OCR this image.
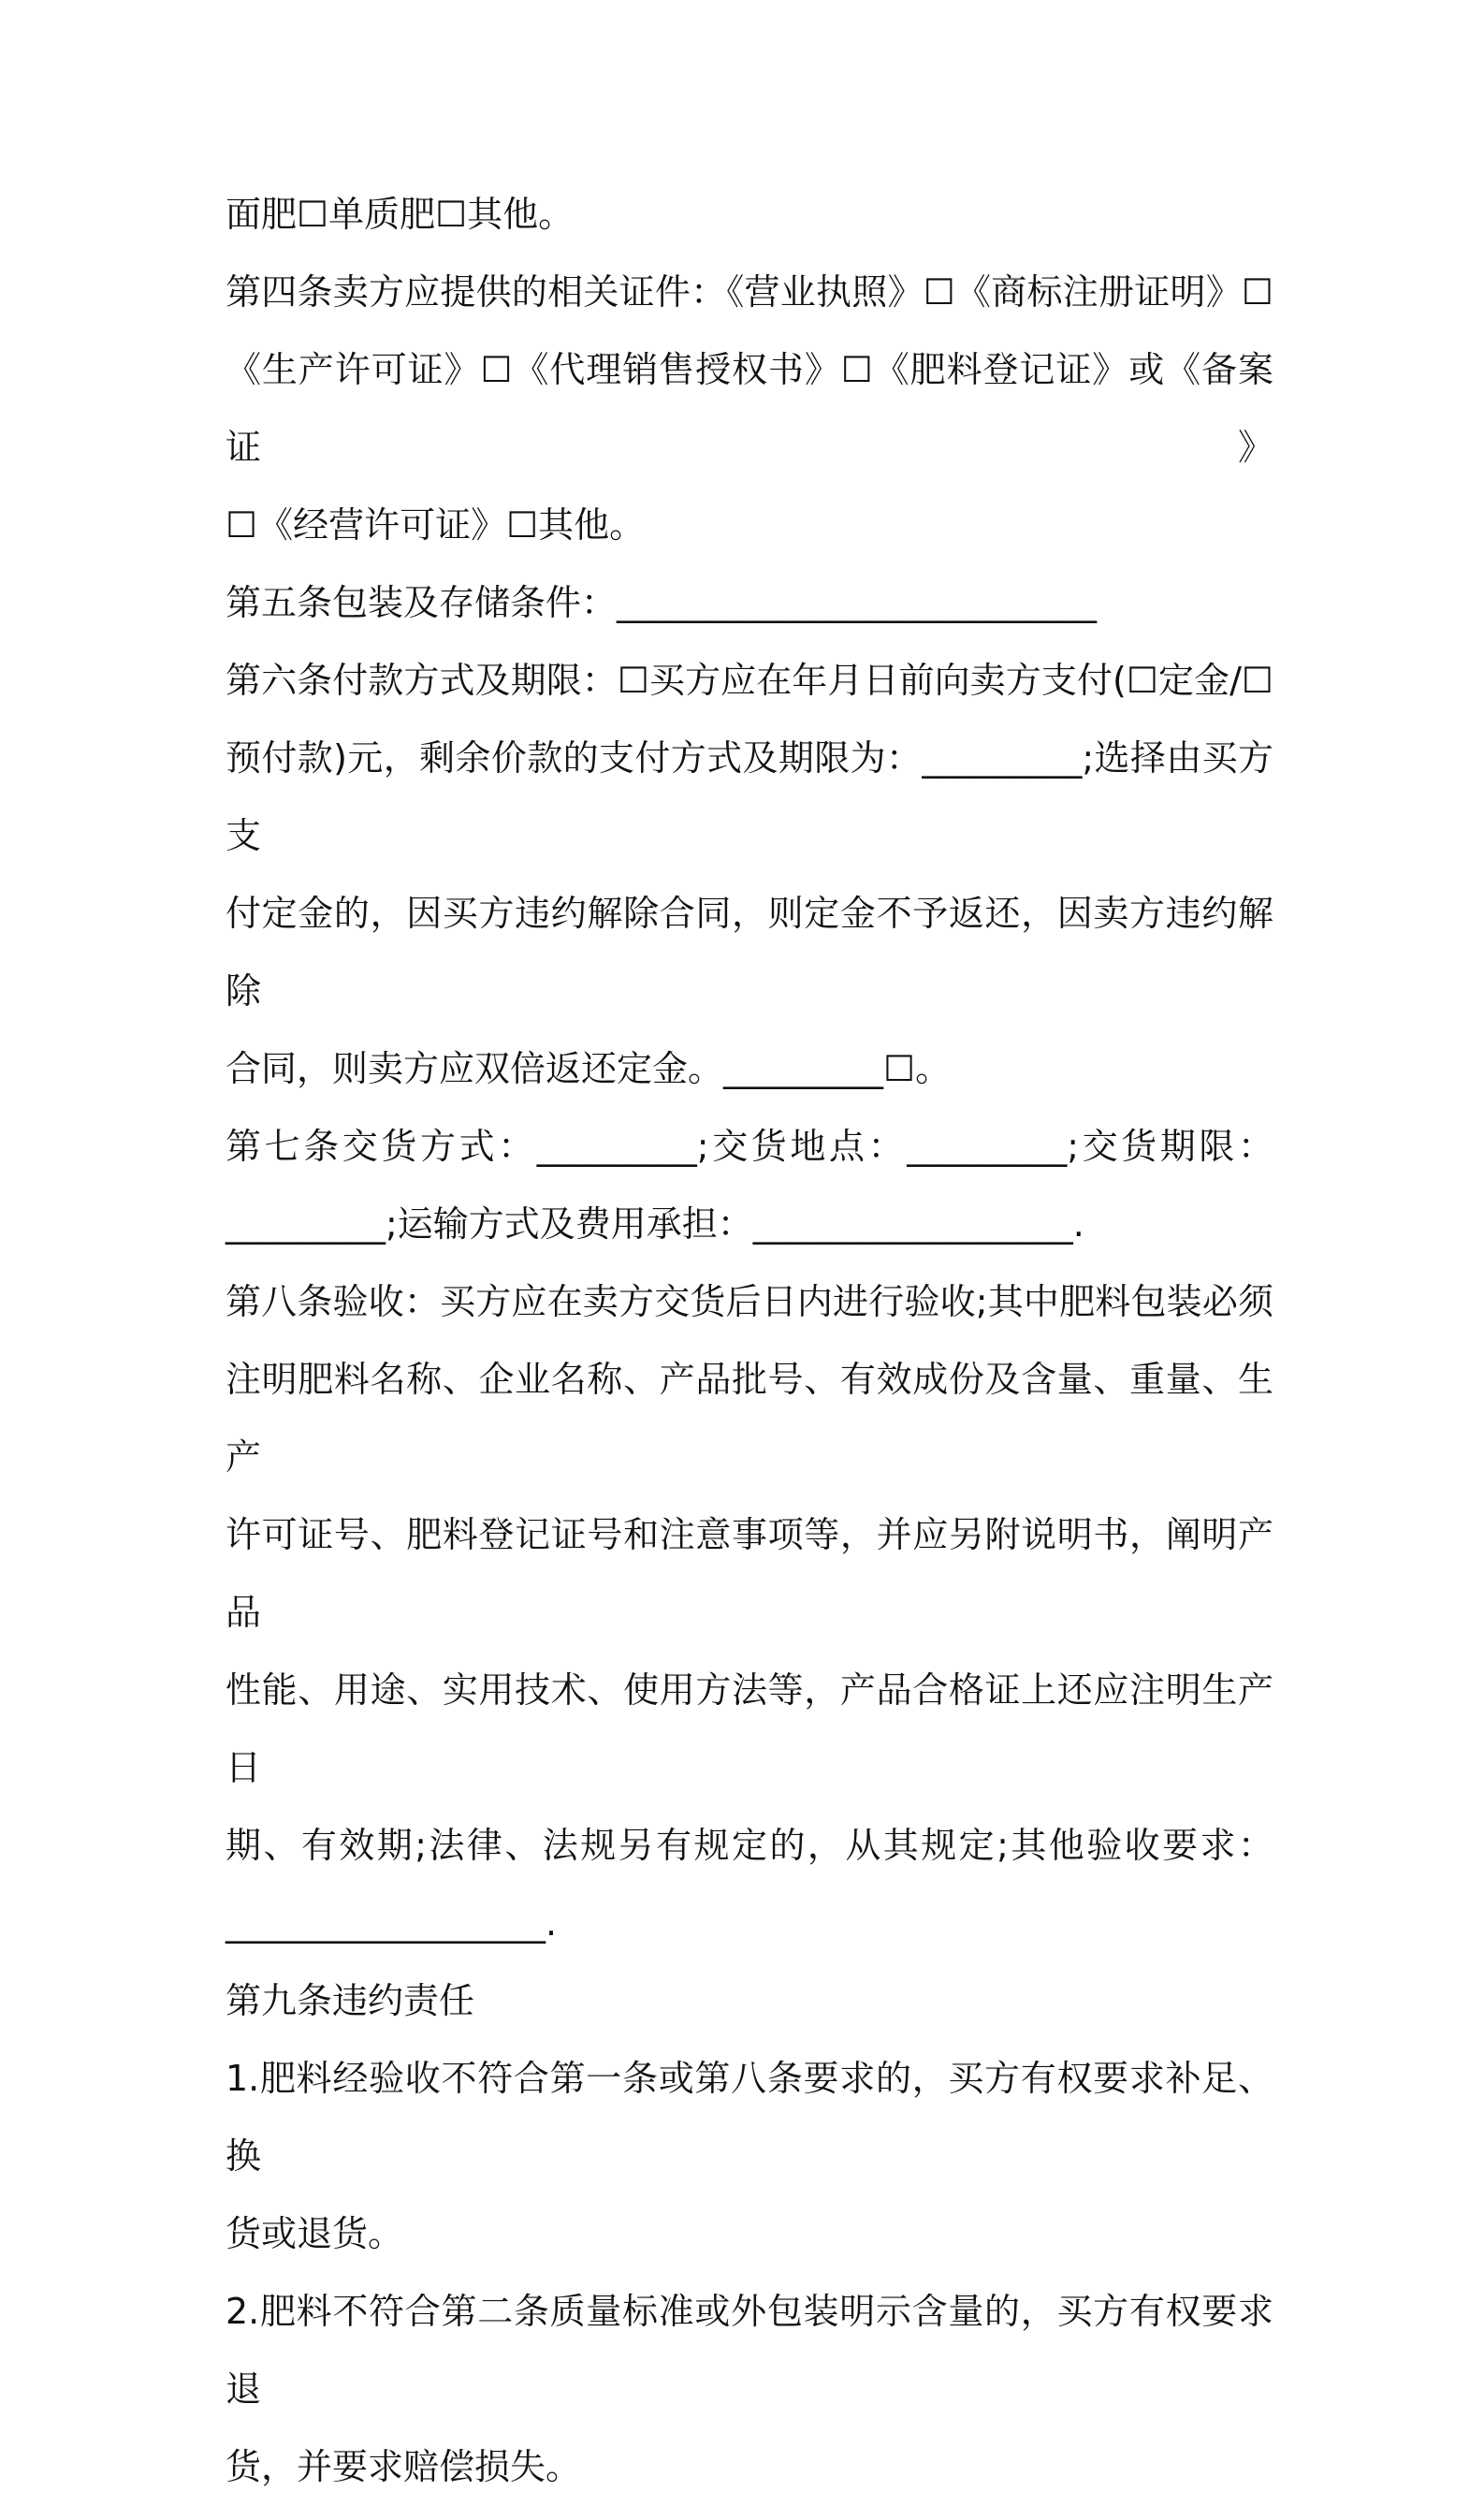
面肥☐单质肥☐其他。
第四条卖方应提供的相关证件：《营业执照》☐《商标注册证明》☐
《生产许可证》☐《代理销售授权书》☐《肥料登记证》或《备案证》
☐《经营许可证》☐其他。
第五条包装及存储条件：___________________________
第六条付款方式及期限：☐买方应在年月日前向卖方支付(☐定金/☐
预付款)元，剩余价款的支付方式及期限为：_________;选择由买方支
付定金的，因买方违约解除合同，则定金不予返还，因卖方违约解除
合同，则卖方应双倍返还定金。_________☐。
第七条交货方式：_________;交货地点：_________;交货期限：
_________;运输方式及费用承担：__________________.
第八条验收：买方应在卖方交货后日内进行验收;其中肥料包装必须
注明肥料名称、企业名称、产品批号、有效成份及含量、重量、生产
许可证号、肥料登记证号和注意事项等，并应另附说明书，阐明产品
性能、用途、实用技术、使用方法等，产品合格证上还应注明生产日
期、有效期;法律、法规另有规定的，从其规定;其他验收要求：
__________________.
第九条违约责任
1.肥料经验收不符合第一条或第八条要求的，买方有权要求补足、换
货或退货。
2.肥料不符合第二条质量标准或外包装明示含量的，买方有权要求退
货，并要求赔偿损失。
